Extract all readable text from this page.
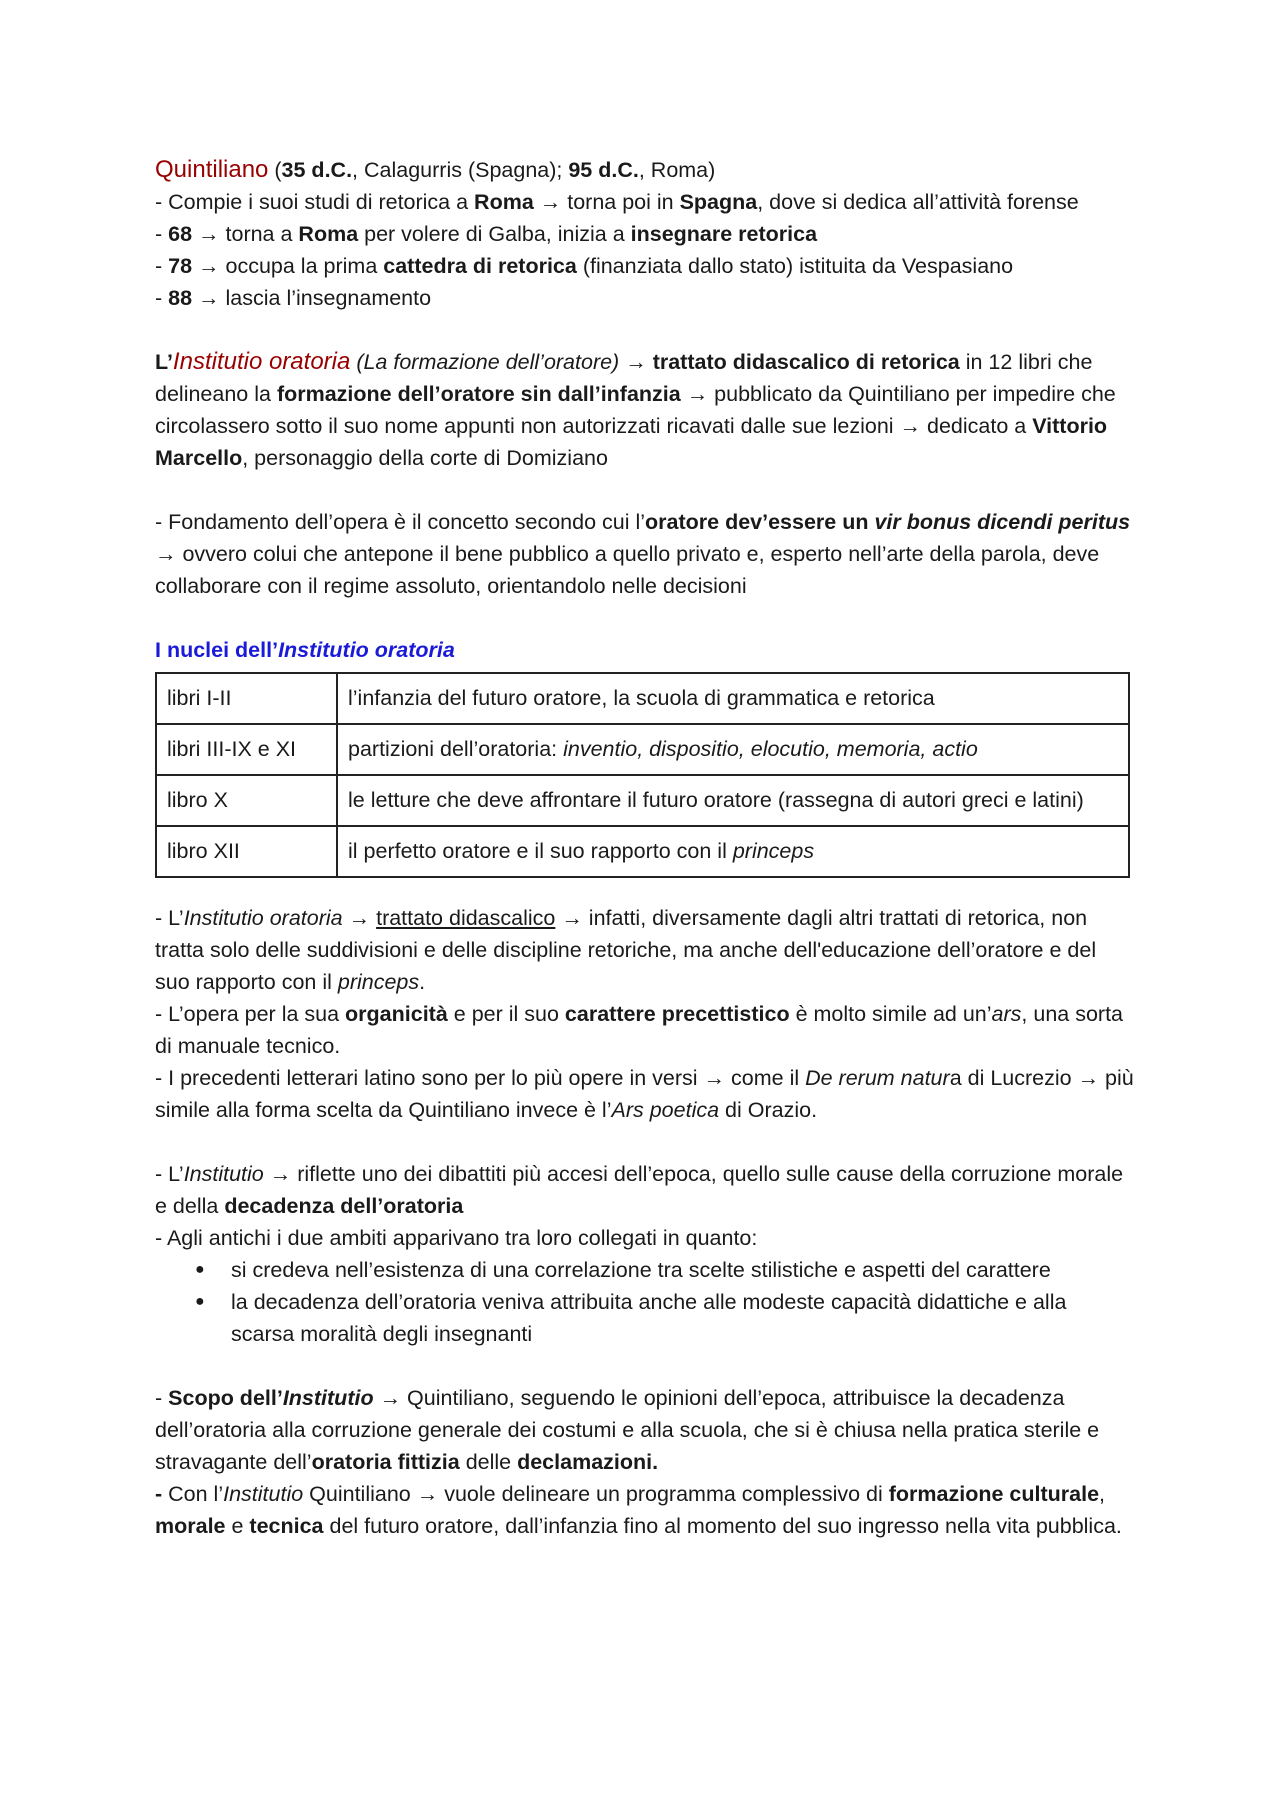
Quintiliano (35 d.C., Calagurris (Spagna); 95 d.C., Roma)

- Compie i suoi studi di retorica a Roma → torna poi in Spagna, dove si dedica all’attività forense

- 68 → torna a Roma per volere di Galba, inizia a insegnare retorica

- 78 → occupa la prima cattedra di retorica (finanziata dallo stato) istituita da Vespasiano

- 88 → lascia l’insegnamento

L’Institutio oratoria (La formazione dell’oratore) → trattato didascalico di retorica in 12 libri che delineano la formazione dell’oratore sin dall’infanzia → pubblicato da Quintiliano per impedire che circolassero sotto il suo nome appunti non autorizzati ricavati dalle sue lezioni → dedicato a Vittorio Marcello, personaggio della corte di Domiziano

- Fondamento dell’opera è il concetto secondo cui l’oratore dev’essere un vir bonus dicendi peritus → ovvero colui che antepone il bene pubblico a quello privato e, esperto nell’arte della parola, deve collaborare con il regime assoluto, orientandolo nelle decisioni

I nuclei dell’Institutio oratoria

libri I-II	l’infanzia del futuro oratore, la scuola di grammatica e retorica
libri III-IX e XI	partizioni dell’oratoria: inventio, dispositio, elocutio, memoria, actio
libro X	le letture che deve affrontare il futuro oratore (rassegna di autori greci e latini)
libro XII	il perfetto oratore e il suo rapporto con il princeps

- L’Institutio oratoria → trattato didascalico → infatti, diversamente dagli altri trattati di retorica, non tratta solo delle suddivisioni e delle discipline retoriche, ma anche dell'educazione dell’oratore e del suo rapporto con il princeps.

- L’opera per la sua organicità e per il suo carattere precettistico è molto simile ad un’ars, una sorta di manuale tecnico.

- I precedenti letterari latino sono per lo più opere in versi → come il De rerum natura di Lucrezio → più simile alla forma scelta da Quintiliano invece è l’Ars poetica di Orazio.

- L’Institutio → riflette uno dei dibattiti più accesi dell’epoca, quello sulle cause della corruzione morale e della decadenza dell’oratoria

- Agli antichi i due ambiti apparivano tra loro collegati in quanto:

● si credeva nell’esistenza di una correlazione tra scelte stilistiche e aspetti del carattere
● la decadenza dell’oratoria veniva attribuita anche alle modeste capacità didattiche e alla scarsa moralità degli insegnanti

- Scopo dell’Institutio → Quintiliano, seguendo le opinioni dell’epoca, attribuisce la decadenza dell’oratoria alla corruzione generale dei costumi e alla scuola, che si è chiusa nella pratica sterile e stravagante dell’oratoria fittizia delle declamazioni.

- Con l’Institutio Quintiliano → vuole delineare un programma complessivo di formazione culturale, morale e tecnica del futuro oratore, dall’infanzia fino al momento del suo ingresso nella vita pubblica.
